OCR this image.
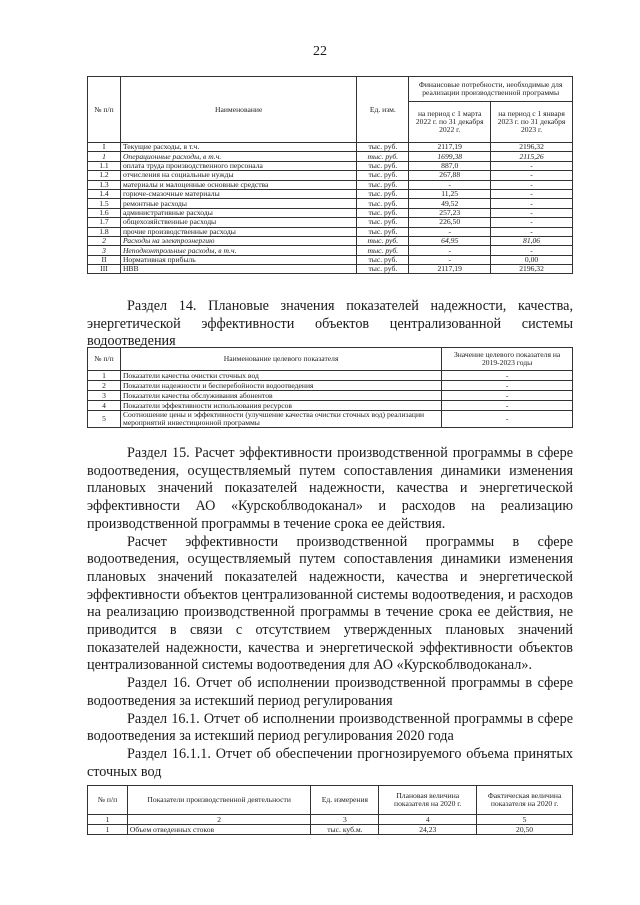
22
№ п/п	Наименование	Ед. изм.	Финансовые потребности, необходимые для реализации производственной программы	
			на период с 1 марта 2022 г. по 31 декабря 2022 г.	на период с 1 января 2023 г. по 31 декабря 2023 г.
I	Текущие расходы, в т.ч.	тыс. руб.	2117,19	2196,32
1	Операционные расходы, в т.ч.	тыс. руб.	1699,38	2115,26
1.1	оплата труда производственного персонала	тыс. руб.	887,0	-
1.2	отчисления на социальные нужды	тыс. руб.	267,88	-
1.3	материалы и малоценные основные средства	тыс. руб.	-	-
1.4	горюче-смазочные материалы	тыс. руб.	11,25	-
1.5	ремонтные расходы	тыс. руб.	49,52	-
1.6	административные расходы	тыс. руб.	257,23	-
1.7	общехозяйственные расходы	тыс. руб.	226,50	-
1.8	прочие производственные расходы	тыс. руб.	-	-
2	Расходы на электроэнергию	тыс. руб.	64,95	81,06
3	Неподконтрольные расходы, в т.ч.	тыс. руб.	-	-
II	Нормативная прибыль	тыс. руб.	-	0,00
III	НВВ	тыс. руб.	2117,19	2196,32

Раздел 14. Плановые значения показателей надежности, качества, энергетической эффективности объектов централизованной системы водоотведения

№ п/п	Наименование целевого показателя	Значение целевого показателя на 2019-2023 годы
1	Показатели качества очистки сточных вод	-
2	Показатели надежности и бесперебойности водоотведения	-
3	Показатели качества обслуживания абонентов	-
4	Показатели эффективности использования ресурсов	-
5	Соотношение цены и эффективности (улучшение качества очистки сточных вод) реализации мероприятий инвестиционной программы	-

Раздел 15. Расчет эффективности производственной программы в сфере водоотведения, осуществляемый путем сопоставления динамики изменения плановых значений показателей надежности, качества и энергетической эффективности АО «Курскоблводоканал» и расходов на реализацию производственной программы в течение срока ее действия.

Расчет эффективности производственной программы в сфере водоотведения, осуществляемый путем сопоставления динамики изменения плановых значений показателей надежности, качества и энергетической эффективности объектов централизованной системы водоотведения, и расходов на реализацию производственной программы в течение срока ее действия, не приводится в связи с отсутствием утвержденных плановых значений показателей надежности, качества и энергетической эффективности объектов централизованной системы водоотведения для АО «Курскоблводоканал».

Раздел 16. Отчет об исполнении производственной программы в сфере водоотведения за истекший период регулирования

Раздел 16.1. Отчет об исполнении производственной программы в сфере водоотведения за истекший период регулирования 2020 года

Раздел 16.1.1. Отчет об обеспечении прогнозируемого объема принятых сточных вод

№ п/п	Показатели производственной деятельности	Ед. измерения	Плановая величина показателя на 2020 г.	Фактическая величина показателя на 2020 г.
1	2	3	4	5
1	Объем отведенных стоков	тыс. куб.м.	24,23	20,50
